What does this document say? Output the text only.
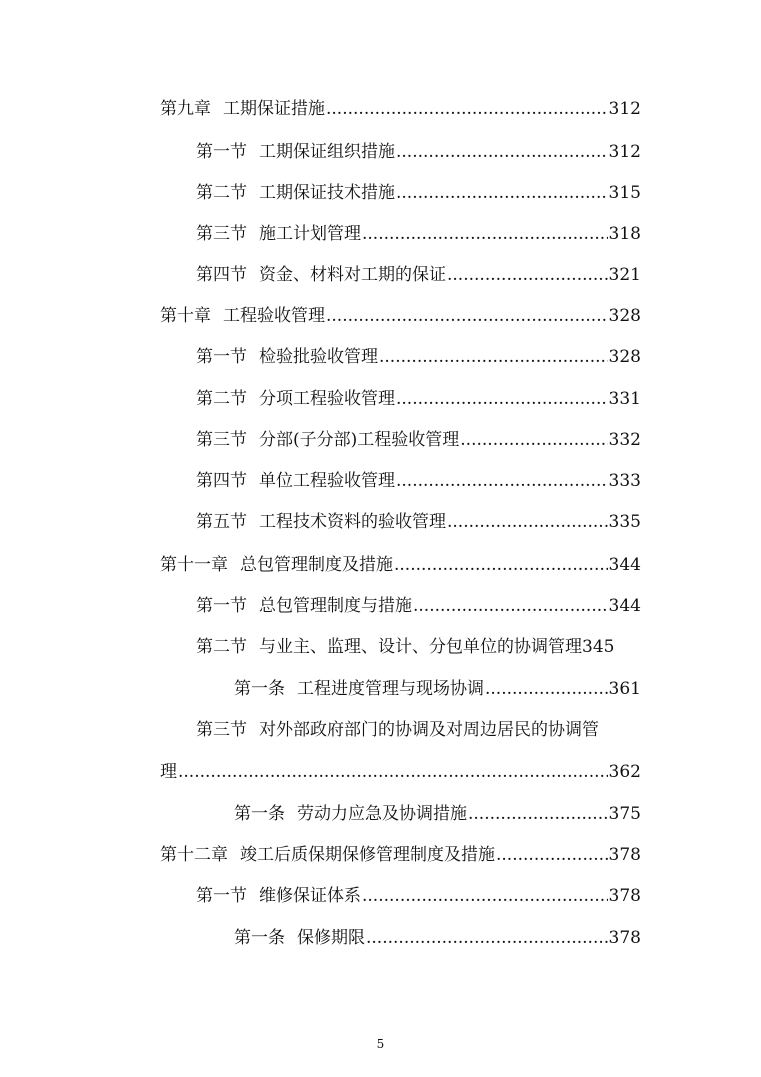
第九章 工期保证措施 .....	312
第一节 工期保证组织措施 .....	312
第二节 工期保证技术措施 .....	315
第三节 施工计划管理 .....	318
第四节 资金、材料对工期的保证 .....	321
第十章 工程验收管理 .....	328
第一节 检验批验收管理 .....	328
第二节 分项工程验收管理 .....	331
第三节 分部(子分部)工程验收管理 .....	332
第四节 单位工程验收管理 .....	333
第五节 工程技术资料的验收管理 .....	335
第十一章 总包管理制度及措施 .....	344
第一节 总包管理制度与措施 .....	344
第二节 与业主、监理、设计、分包单位的协调管理 345
第一条 工程进度管理与现场协调 .....	361
第三节 对外部政府部门的协调及对周边居民的协调管
理 .....	362
第一条 劳动力应急及协调措施 .....	375
第十二章 竣工后质保期保修管理制度及措施 .....	378
第一节 维修保证体系 .....	378
第一条 保修期限 .....	378
5
